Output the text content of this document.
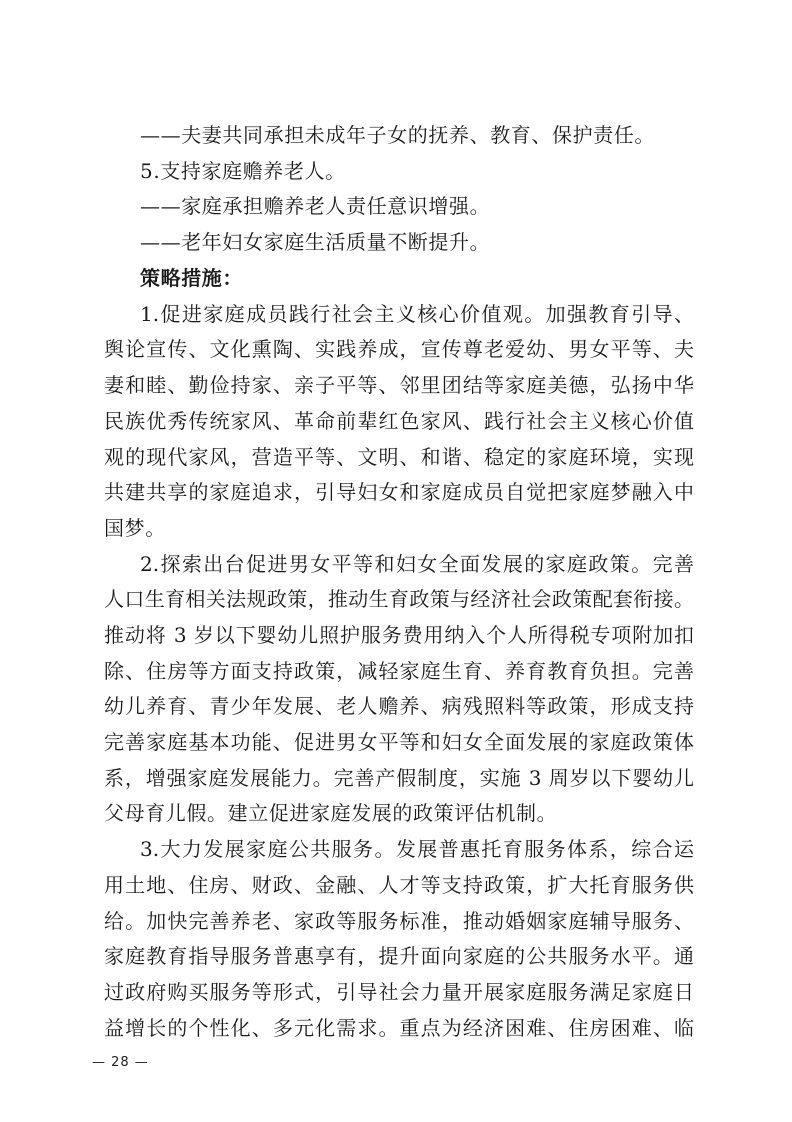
——夫妻共同承担未成年子女的抚养、教育、保护责任。
5.支持家庭赡养老人。
——家庭承担赡养老人责任意识增强。
——老年妇女家庭生活质量不断提升。
策略措施：
1.促进家庭成员践行社会主义核心价值观。加强教育引导、
舆论宣传、文化熏陶、实践养成，宣传尊老爱幼、男女平等、夫
妻和睦、勤俭持家、亲子平等、邻里团结等家庭美德，弘扬中华
民族优秀传统家风、革命前辈红色家风、践行社会主义核心价值
观的现代家风，营造平等、文明、和谐、稳定的家庭环境，实现
共建共享的家庭追求，引导妇女和家庭成员自觉把家庭梦融入中
国梦。
2.探索出台促进男女平等和妇女全面发展的家庭政策。完善
人口生育相关法规政策，推动生育政策与经济社会政策配套衔接。
推动将 3 岁以下婴幼儿照护服务费用纳入个人所得税专项附加扣
除、住房等方面支持政策，减轻家庭生育、养育教育负担。完善
幼儿养育、青少年发展、老人赡养、病残照料等政策，形成支持
完善家庭基本功能、促进男女平等和妇女全面发展的家庭政策体
系，增强家庭发展能力。完善产假制度，实施 3 周岁以下婴幼儿
父母育儿假。建立促进家庭发展的政策评估机制。
3.大力发展家庭公共服务。发展普惠托育服务体系，综合运
用土地、住房、财政、金融、人才等支持政策，扩大托育服务供
给。加快完善养老、家政等服务标准，推动婚姻家庭辅导服务、
家庭教育指导服务普惠享有，提升面向家庭的公共服务水平。通
过政府购买服务等形式，引导社会力量开展家庭服务满足家庭日
益增长的个性化、多元化需求。重点为经济困难、住房困难、临
— 28 —
